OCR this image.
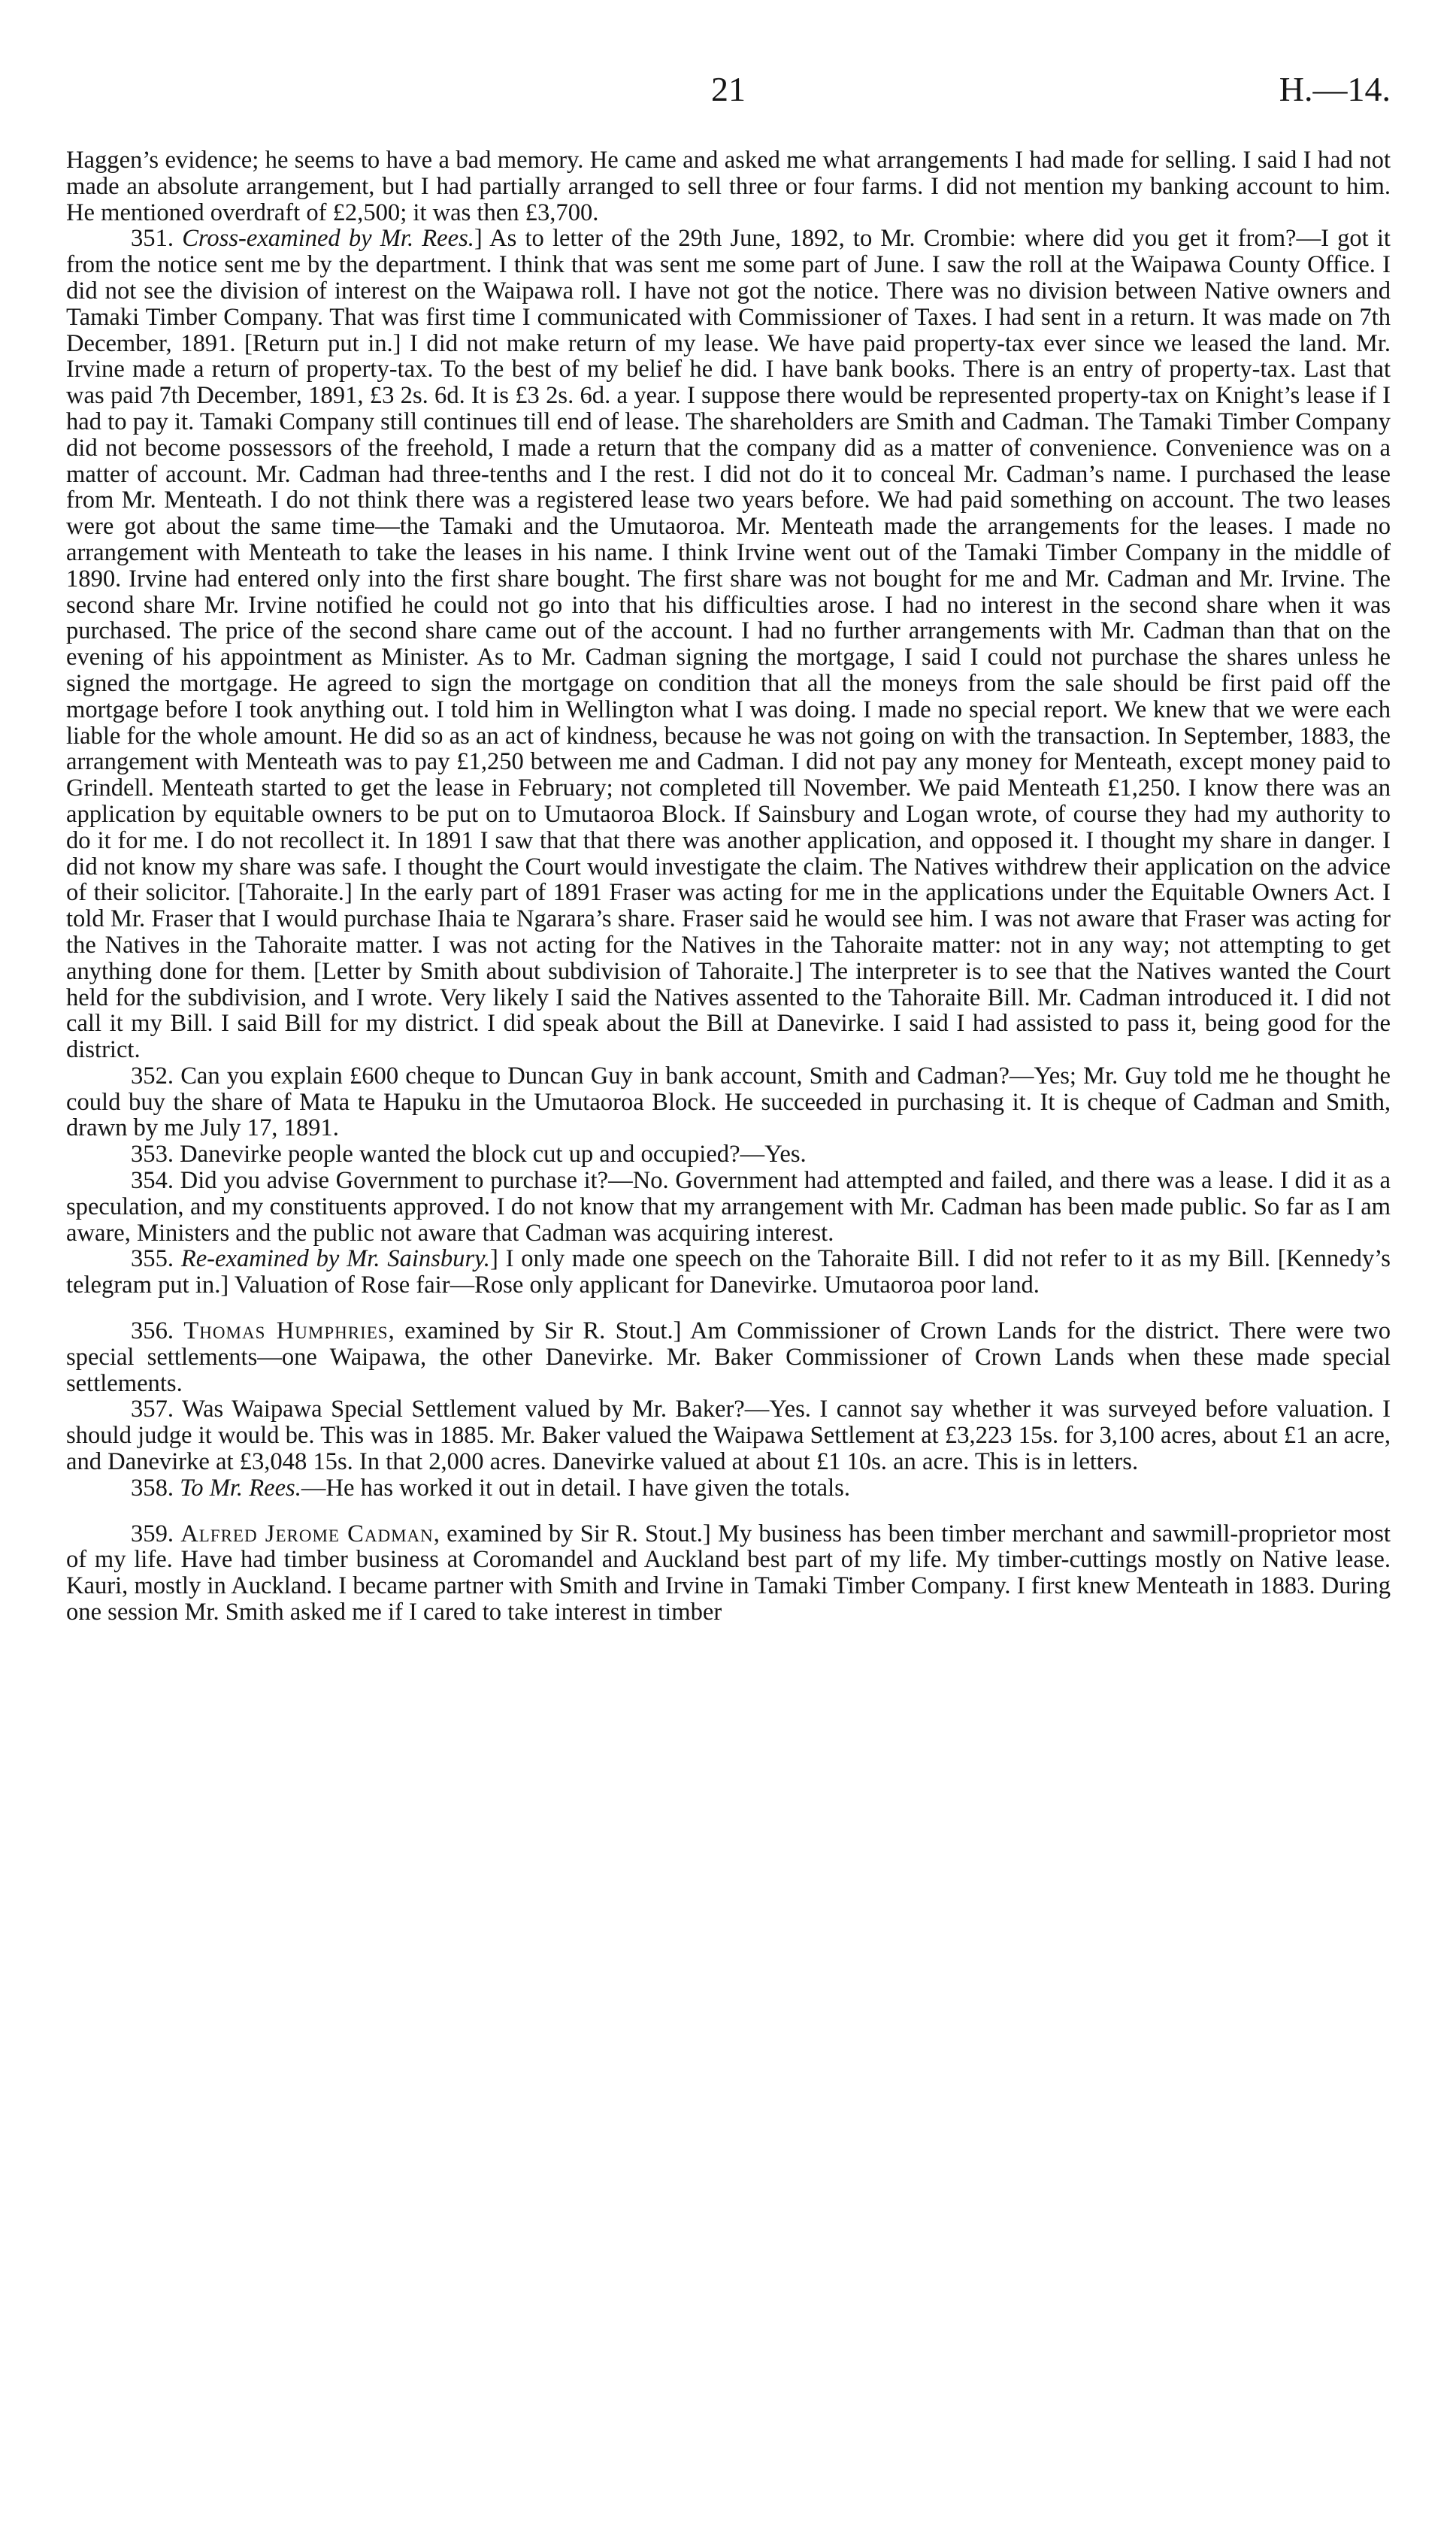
21	H.—14.

Haggen’s evidence; he seems to have a bad memory. He came and asked me what arrangements I had made for selling. I said I had not made an absolute arrangement, but I had partially arranged to sell three or four farms. I did not mention my banking account to him. He mentioned overdraft of £2,500; it was then £3,700.

351. Cross-examined by Mr. Rees.] As to letter of the 29th June, 1892, to Mr. Crombie: where did you get it from?—I got it from the notice sent me by the department. I think that was sent me some part of June. I saw the roll at the Waipawa County Office. I did not see the division of interest on the Waipawa roll. I have not got the notice. There was no division between Native owners and Tamaki Timber Company. That was first time I communicated with Commissioner of Taxes. I had sent in a return. It was made on 7th December, 1891. [Return put in.] I did not make return of my lease. We have paid property-tax ever since we leased the land. Mr. Irvine made a return of property-tax. To the best of my belief he did. I have bank books. There is an entry of property-tax. Last that was paid 7th December, 1891, £3 2s. 6d. It is £3 2s. 6d. a year. I suppose there would be represented property-tax on Knight’s lease if I had to pay it. Tamaki Company still continues till end of lease. The shareholders are Smith and Cadman. The Tamaki Timber Company did not become possessors of the freehold, I made a return that the company did as a matter of convenience. Convenience was on a matter of account. Mr. Cadman had three-tenths and I the rest. I did not do it to conceal Mr. Cadman’s name. I purchased the lease from Mr. Menteath. I do not think there was a registered lease two years before. We had paid something on account. The two leases were got about the same time—the Tamaki and the Umutaoroa. Mr. Menteath made the arrangements for the leases. I made no arrangement with Menteath to take the leases in his name. I think Irvine went out of the Tamaki Timber Company in the middle of 1890. Irvine had entered only into the first share bought. The first share was not bought for me and Mr. Cadman and Mr. Irvine. The second share Mr. Irvine notified he could not go into that his difficulties arose. I had no interest in the second share when it was purchased. The price of the second share came out of the account. I had no further arrangements with Mr. Cadman than that on the evening of his appointment as Minister. As to Mr. Cadman signing the mortgage, I said I could not purchase the shares unless he signed the mortgage. He agreed to sign the mortgage on condition that all the moneys from the sale should be first paid off the mortgage before I took anything out. I told him in Wellington what I was doing. I made no special report. We knew that we were each liable for the whole amount. He did so as an act of kindness, because he was not going on with the transaction. In September, 1883, the arrangement with Menteath was to pay £1,250 between me and Cadman. I did not pay any money for Menteath, except money paid to Grindell. Menteath started to get the lease in February; not completed till November. We paid Menteath £1,250. I know there was an application by equitable owners to be put on to Umutaoroa Block. If Sainsbury and Logan wrote, of course they had my authority to do it for me. I do not recollect it. In 1891 I saw that that there was another application, and opposed it. I thought my share in danger. I did not know my share was safe. I thought the Court would investigate the claim. The Natives withdrew their application on the advice of their solicitor. [Tahoraite.] In the early part of 1891 Fraser was acting for me in the applications under the Equitable Owners Act. I told Mr. Fraser that I would purchase Ihaia te Ngarara’s share. Fraser said he would see him. I was not aware that Fraser was acting for the Natives in the Tahoraite matter. I was not acting for the Natives in the Tahoraite matter: not in any way; not attempting to get anything done for them. [Letter by Smith about subdivision of Tahoraite.] The interpreter is to see that the Natives wanted the Court held for the subdivision, and I wrote. Very likely I said the Natives assented to the Tahoraite Bill. Mr. Cadman introduced it. I did not call it my Bill. I said Bill for my district. I did speak about the Bill at Danevirke. I said I had assisted to pass it, being good for the district.

352. Can you explain £600 cheque to Duncan Guy in bank account, Smith and Cadman?—Yes; Mr. Guy told me he thought he could buy the share of Mata te Hapuku in the Umutaoroa Block. He succeeded in purchasing it. It is cheque of Cadman and Smith, drawn by me July 17, 1891.

353. Danevirke people wanted the block cut up and occupied?—Yes.

354. Did you advise Government to purchase it?—No. Government had attempted and failed, and there was a lease. I did it as a speculation, and my constituents approved. I do not know that my arrangement with Mr. Cadman has been made public. So far as I am aware, Ministers and the public not aware that Cadman was acquiring interest.

355. Re-examined by Mr. Sainsbury.] I only made one speech on the Tahoraite Bill. I did not refer to it as my Bill. [Kennedy’s telegram put in.] Valuation of Rose fair—Rose only applicant for Danevirke. Umutaoroa poor land.

356. Thomas Humphries, examined by Sir R. Stout.] Am Commissioner of Crown Lands for the district. There were two special settlements—one Waipawa, the other Danevirke. Mr. Baker Commissioner of Crown Lands when these made special settlements.

357. Was Waipawa Special Settlement valued by Mr. Baker?—Yes. I cannot say whether it was surveyed before valuation. I should judge it would be. This was in 1885. Mr. Baker valued the Waipawa Settlement at £3,223 15s. for 3,100 acres, about £1 an acre, and Danevirke at £3,048 15s. In that 2,000 acres. Danevirke valued at about £1 10s. an acre. This is in letters.

358. To Mr. Rees.—He has worked it out in detail. I have given the totals.

359. Alfred Jerome Cadman, examined by Sir R. Stout.] My business has been timber merchant and sawmill-proprietor most of my life. Have had timber business at Coromandel and Auckland best part of my life. My timber-cuttings mostly on Native lease. Kauri, mostly in Auckland. I became partner with Smith and Irvine in Tamaki Timber Company. I first knew Menteath in 1883. During one session Mr. Smith asked me if I cared to take interest in timber
